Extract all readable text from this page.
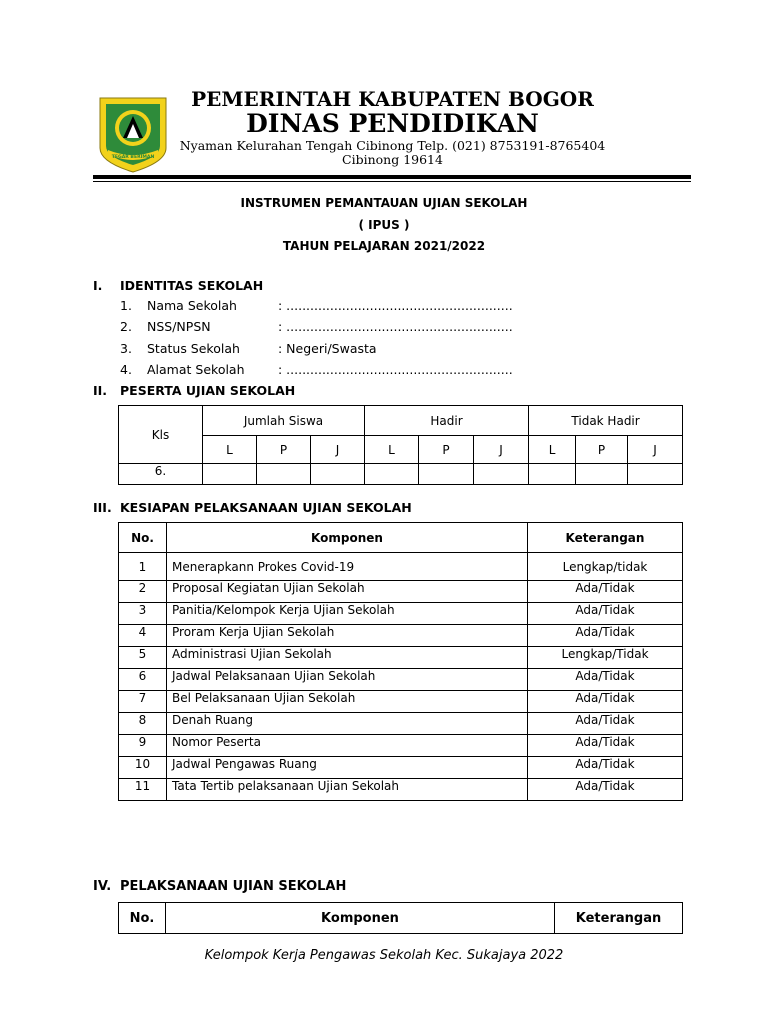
TEGAR BERIMAN
PEMERINTAH KABUPATEN BOGOR
DINAS PENDIDIKAN
Nyaman Kelurahan Tengah Cibinong Telp. (021) 8753191-8765404
Cibinong 19614
INSTRUMEN PEMANTAUAN UJIAN SEKOLAH
( IPUS )
TAHUN PELAJARAN 2021/2022
I. IDENTITAS SEKOLAH
1. Nama Sekolah	: .........................................................
2. NSS/NPSN	: .........................................................
3. Status Sekolah	: Negeri/Swasta
4. Alamat Sekolah	: .........................................................
II. PESERTA UJIAN SEKOLAH
Kls	Jumlah Siswa			Hadir			Tidak Hadir		
	L	P	J	L	P	J	L	P	J
6.									
III. KESIAPAN PELAKSANAAN UJIAN SEKOLAH
No.	Komponen	Keterangan
1	Menerapkann Prokes Covid-19	Lengkap/tidak
2	Proposal Kegiatan Ujian Sekolah	Ada/Tidak
3	Panitia/Kelompok Kerja Ujian Sekolah	Ada/Tidak
4	Proram Kerja Ujian Sekolah	Ada/Tidak
5	Administrasi Ujian Sekolah	Lengkap/Tidak
6	Jadwal Pelaksanaan Ujian Sekolah	Ada/Tidak
7	Bel Pelaksanaan Ujian Sekolah	Ada/Tidak
8	Denah Ruang	Ada/Tidak
9	Nomor Peserta	Ada/Tidak
10	Jadwal Pengawas Ruang	Ada/Tidak
11	Tata Tertib pelaksanaan Ujian Sekolah	Ada/Tidak
IV. PELAKSANAAN UJIAN SEKOLAH
No.	Komponen	Keterangan
Kelompok Kerja Pengawas Sekolah Kec. Sukajaya 2022
